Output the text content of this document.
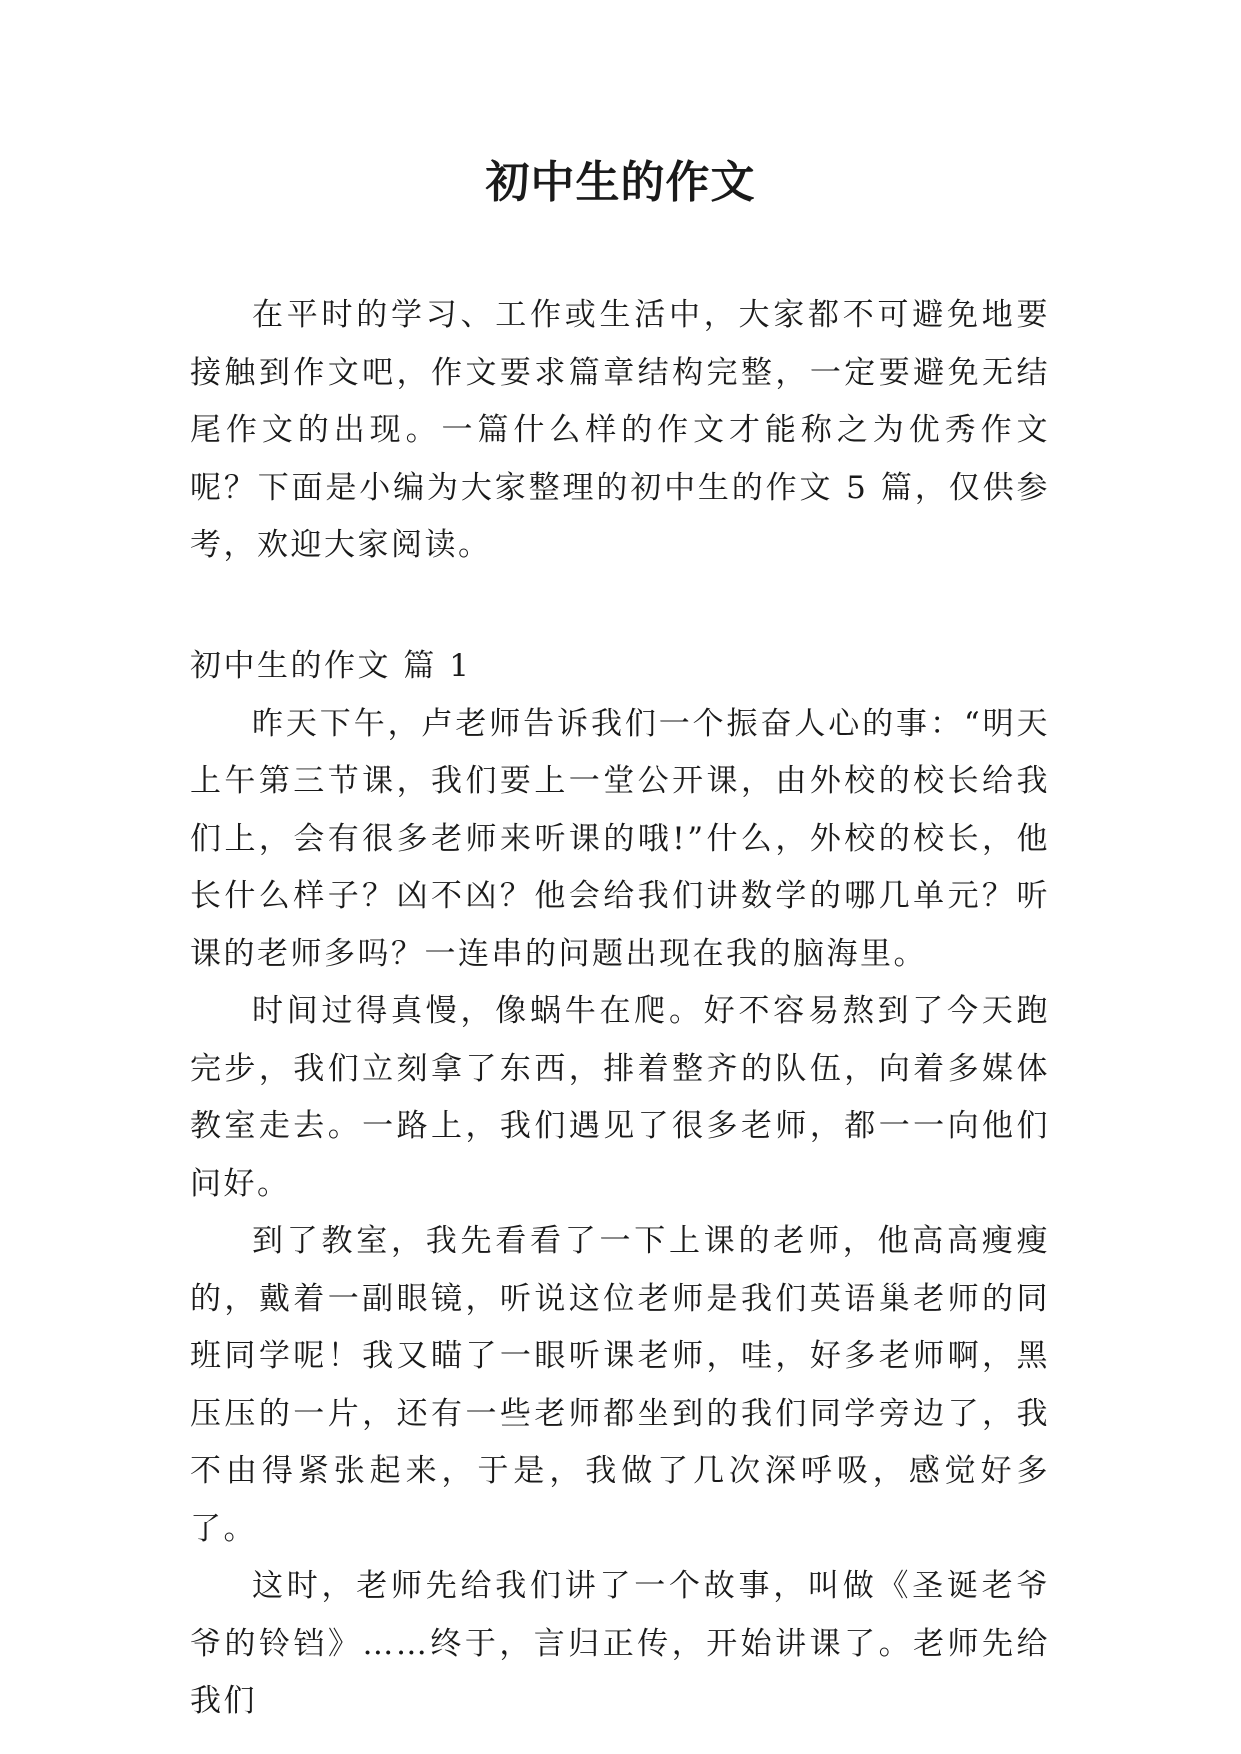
初中生的作文

在平时的学习、工作或生活中，大家都不可避免地要接触到作文吧，作文要求篇章结构完整，一定要避免无结尾作文的出现。一篇什么样的作文才能称之为优秀作文呢？下面是小编为大家整理的初中生的作文 5 篇，仅供参考，欢迎大家阅读。

初中生的作文 篇 1

昨天下午，卢老师告诉我们一个振奋人心的事：“明天上午第三节课，我们要上一堂公开课，由外校的校长给我们上，会有很多老师来听课的哦!”什么，外校的校长，他长什么样子？凶不凶？他会给我们讲数学的哪几单元？听课的老师多吗？一连串的问题出现在我的脑海里。

时间过得真慢，像蜗牛在爬。好不容易熬到了今天跑完步，我们立刻拿了东西，排着整齐的队伍，向着多媒体教室走去。一路上，我们遇见了很多老师，都一一向他们问好。

到了教室，我先看看了一下上课的老师，他高高瘦瘦的，戴着一副眼镜，听说这位老师是我们英语巢老师的同班同学呢！我又瞄了一眼听课老师，哇，好多老师啊，黑压压的一片，还有一些老师都坐到的我们同学旁边了，我不由得紧张起来，于是，我做了几次深呼吸，感觉好多了。

这时，老师先给我们讲了一个故事，叫做《圣诞老爷爷的铃铛》……终于，言归正传，开始讲课了。老师先给我们
